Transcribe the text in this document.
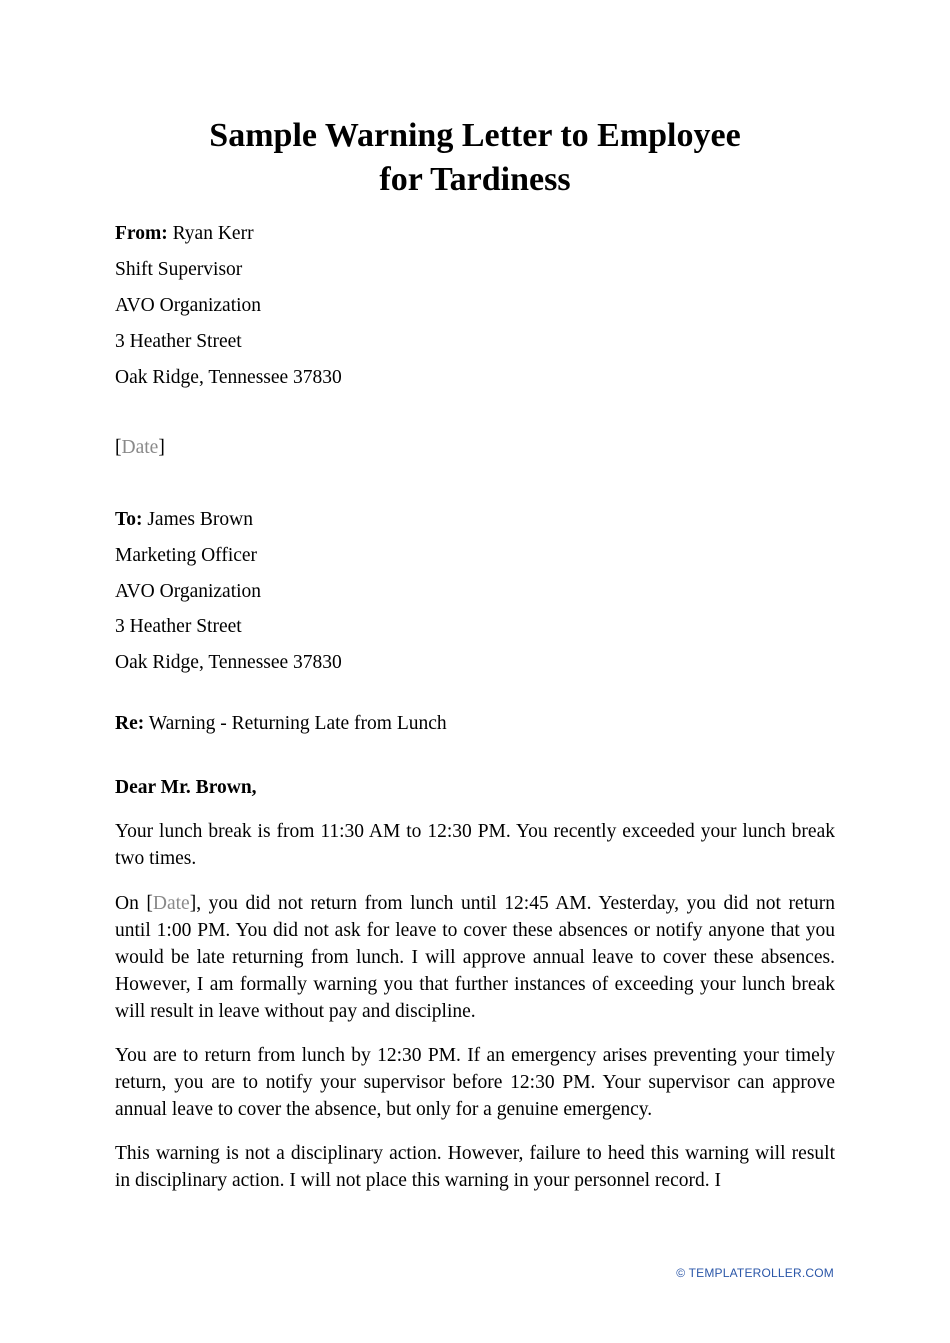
Sample Warning Letter to Employee
for Tardiness
From: Ryan Kerr
Shift Supervisor
AVO Organization
3 Heather Street
Oak Ridge, Tennessee 37830
[Date]
To: James Brown
Marketing Officer
AVO Organization
3 Heather Street
Oak Ridge, Tennessee 37830
Re: Warning - Returning Late from Lunch
Dear Mr. Brown,

Your lunch break is from 11:30 AM to 12:30 PM. You recently exceeded your lunch break two times.

On [Date], you did not return from lunch until 12:45 AM. Yesterday, you did not return until 1:00 PM. You did not ask for leave to cover these absences or notify anyone that you would be late returning from lunch. I will approve annual leave to cover these absences. However, I am formally warning you that further instances of exceeding your lunch break will result in leave without pay and discipline.

You are to return from lunch by 12:30 PM. If an emergency arises preventing your timely return, you are to notify your supervisor before 12:30 PM. Your supervisor can approve annual leave to cover the absence, but only for a genuine emergency.

This warning is not a disciplinary action. However, failure to heed this warning will result in disciplinary action. I will not place this warning in your personnel record. I

© TEMPLATEROLLER.COM
